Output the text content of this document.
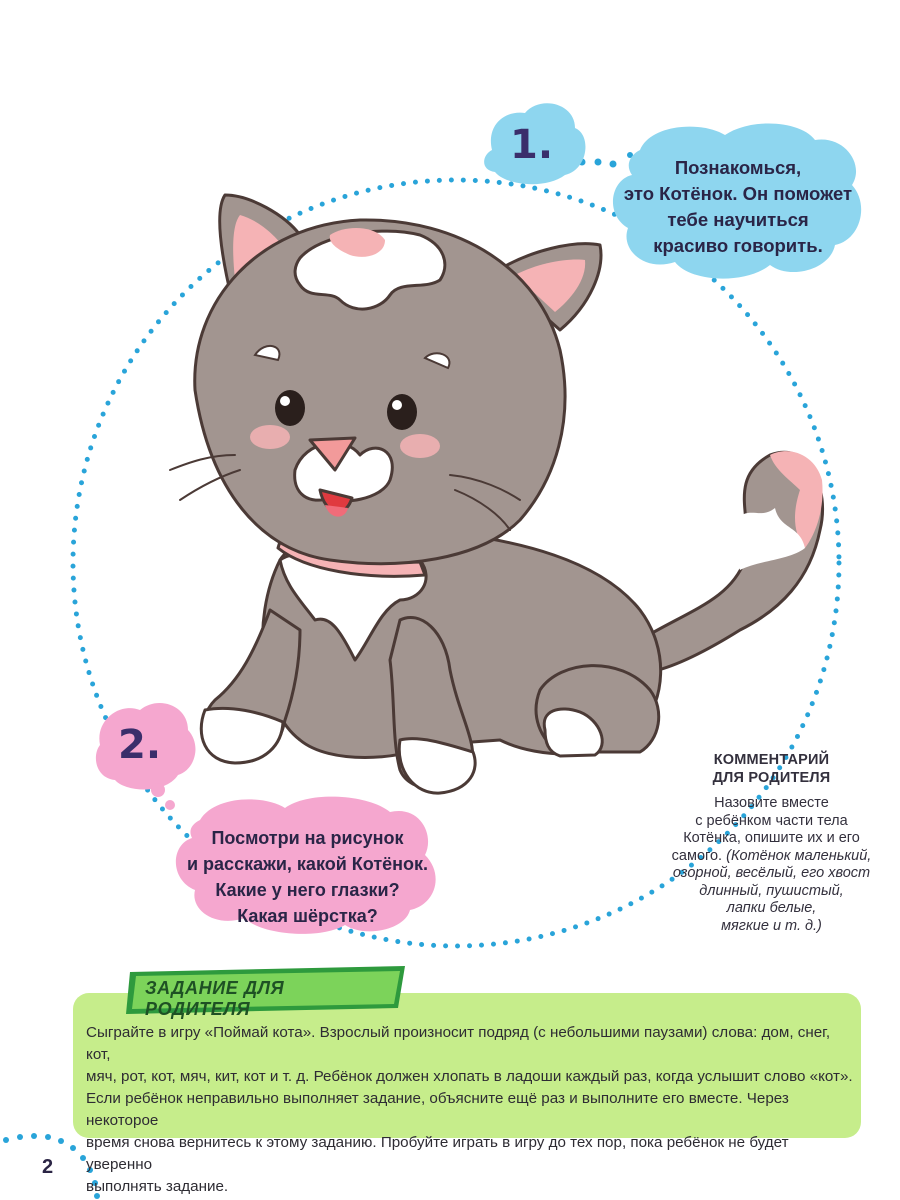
1.	Познакомься,
это Котёнок. Он поможет
тебе научиться
красиво говорить.
2.
Посмотри на рисунок
и расскажи, какой Котёнок.
Какие у него глазки?
Какая шёрстка?
КОММЕНТАРИЙ
ДЛЯ РОДИТЕЛЯ
Назовите вместе
с ребёнком части тела
Котёнка, опишите их и его
самого. (Котёнок маленький,
озорной, весёлый, его хвост
длинный, пушистый,
лапки белые,
мягкие и т. д.)
ЗАДАНИЕ ДЛЯ РОДИТЕЛЯ
Сыграйте в игру «Поймай кота». Взрослый произносит подряд (с небольшими паузами) слова: дом, снег, кот,
мяч, рот, кот, мяч, кит, кот и т. д. Ребёнок должен хлопать в ладоши каждый раз, когда услышит слово «кот».
Если ребёнок неправильно выполняет задание, объясните ещё раз и выполните его вместе. Через некоторое
время снова вернитесь к этому заданию. Пробуйте играть в игру до тех пор, пока ребёнок не будет уверенно
выполнять задание.
2
